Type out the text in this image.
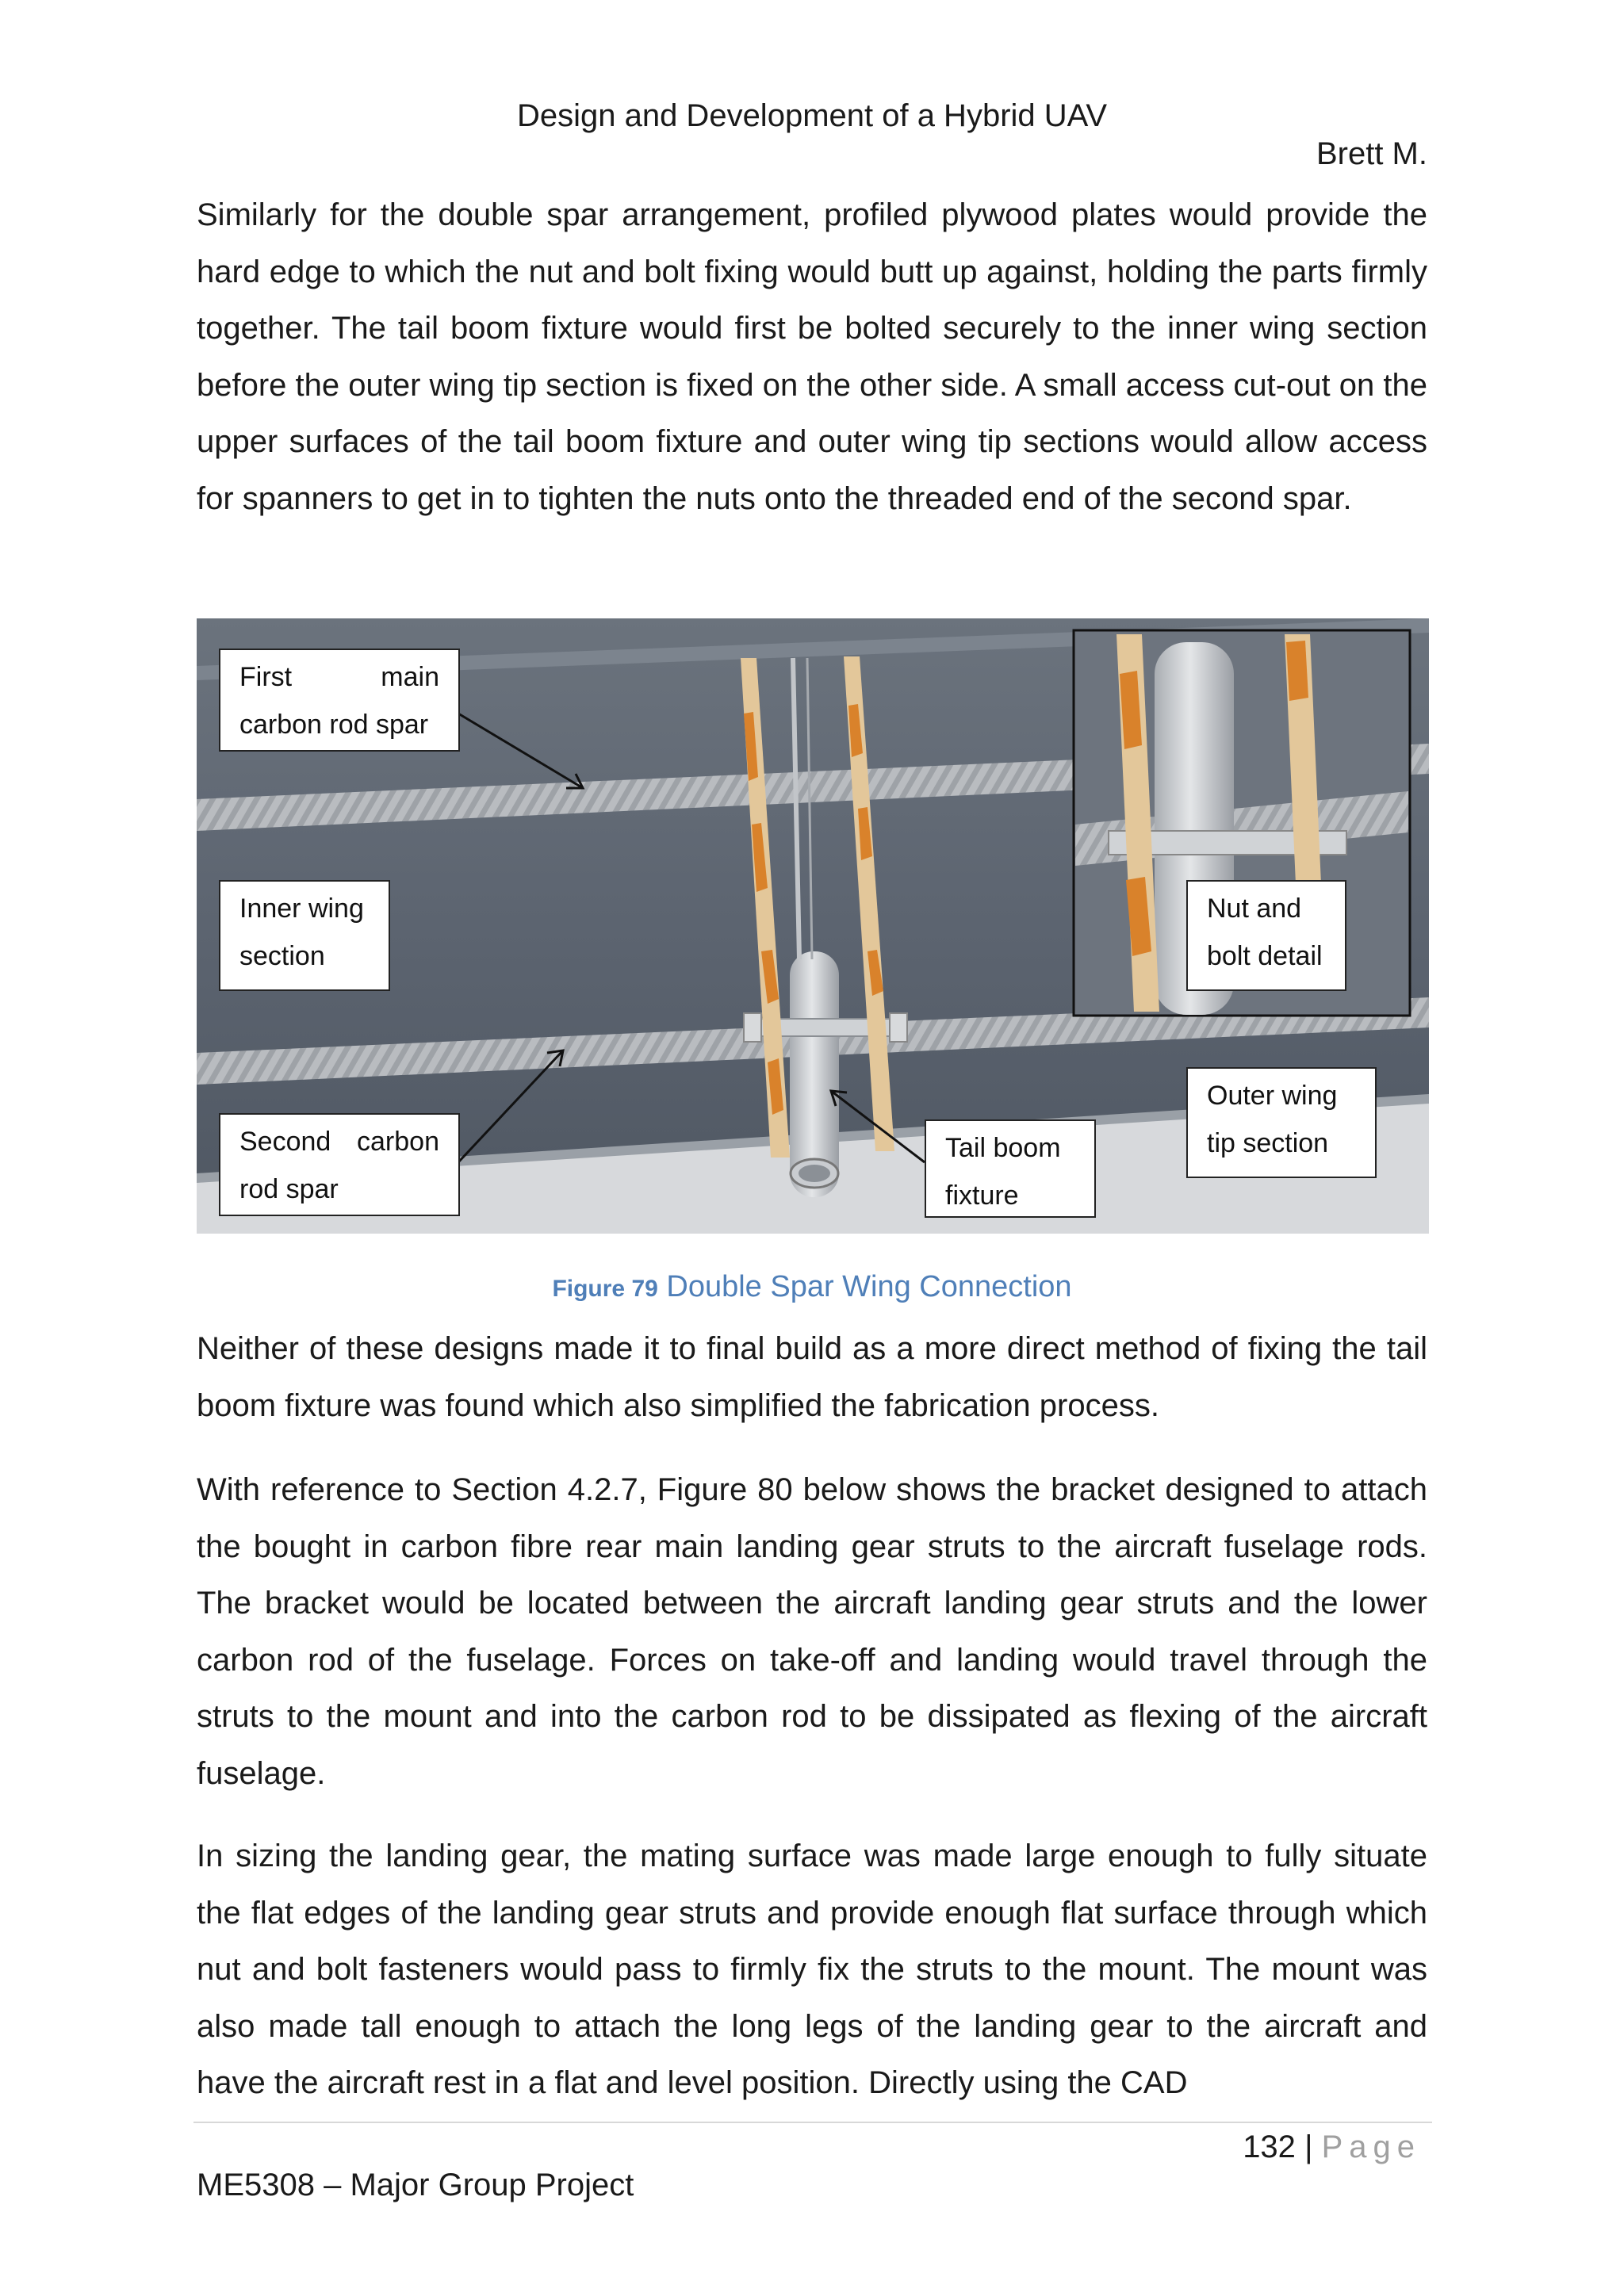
Design and Development of a Hybrid UAV
Brett M.

Similarly for the double spar arrangement, profiled plywood plates would provide the hard edge to which the nut and bolt fixing would butt up against, holding the parts firmly together. The tail boom fixture would first be bolted securely to the inner wing section before the outer wing tip section is fixed on the other side. A small access cut-out on the upper surfaces of the tail boom fixture and outer wing tip sections would allow access for spanners to get in to tighten the nuts onto the threaded end of the second spar.

First main carbon rod spar
Inner wing section
Second carbon rod spar
Tail boom fixture
Nut and bolt detail
Outer wing tip section
Figure 79 Double Spar Wing Connection

Neither of these designs made it to final build as a more direct method of fixing the tail boom fixture was found which also simplified the fabrication process.

With reference to Section 4.2.7, Figure 80 below shows the bracket designed to attach the bought in carbon fibre rear main landing gear struts to the aircraft fuselage rods. The bracket would be located between the aircraft landing gear struts and the lower carbon rod of the fuselage. Forces on take-off and landing would travel through the struts to the mount and into the carbon rod to be dissipated as flexing of the aircraft fuselage.

In sizing the landing gear, the mating surface was made large enough to fully situate the flat edges of the landing gear struts and provide enough flat surface through which nut and bolt fasteners would pass to firmly fix the struts to the mount. The mount was also made tall enough to attach the long legs of the landing gear to the aircraft and have the aircraft rest in a flat and level position. Directly using the CAD

132 | Page
ME5308 – Major Group Project
